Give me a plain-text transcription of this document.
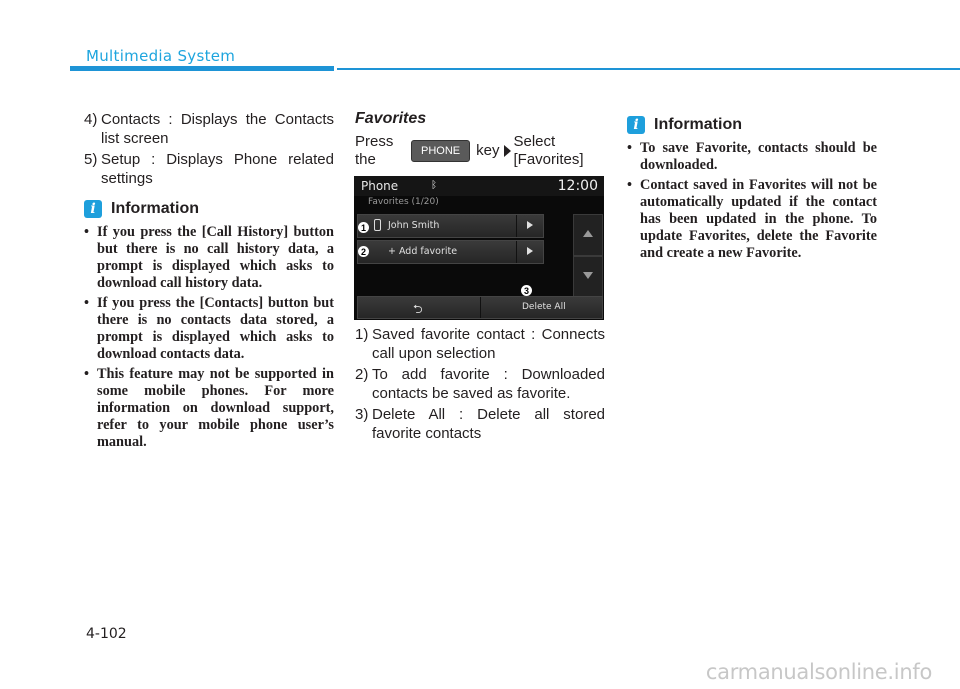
Multimedia System
4) Contacts : Displays the Contacts list screen
5) Setup : Displays Phone related settings
i Information
• If you press the [Call History] button but there is no call history data, a prompt is displayed which asks to download call history data.
• If you press the [Contacts] button but there is no contacts data stored, a prompt is displayed which asks to download contacts data.
• This feature may not be supported in some mobile phones. For more information on download support, refer to your mobile phone user’s manual.
Favorites
Press the	PHONE	key
Select [Favorites]
Phone	ᛒ	12:00
Favorites (1/20)
John Smith
+ Add favorite
⮌	Delete All
1
2
3
1) Saved favorite contact : Connects call upon selection
2) To add favorite : Downloaded contacts be saved as favorite.
3) Delete All : Delete all stored favorite contacts
i Information
• To save Favorite, contacts should be downloaded.
• Contact saved in Favorites will not be automatically updated if the contact has been updated in the phone. To update Favorites, delete the Favorite and create a new Favorite.
4-102
carmanualsonline.info
